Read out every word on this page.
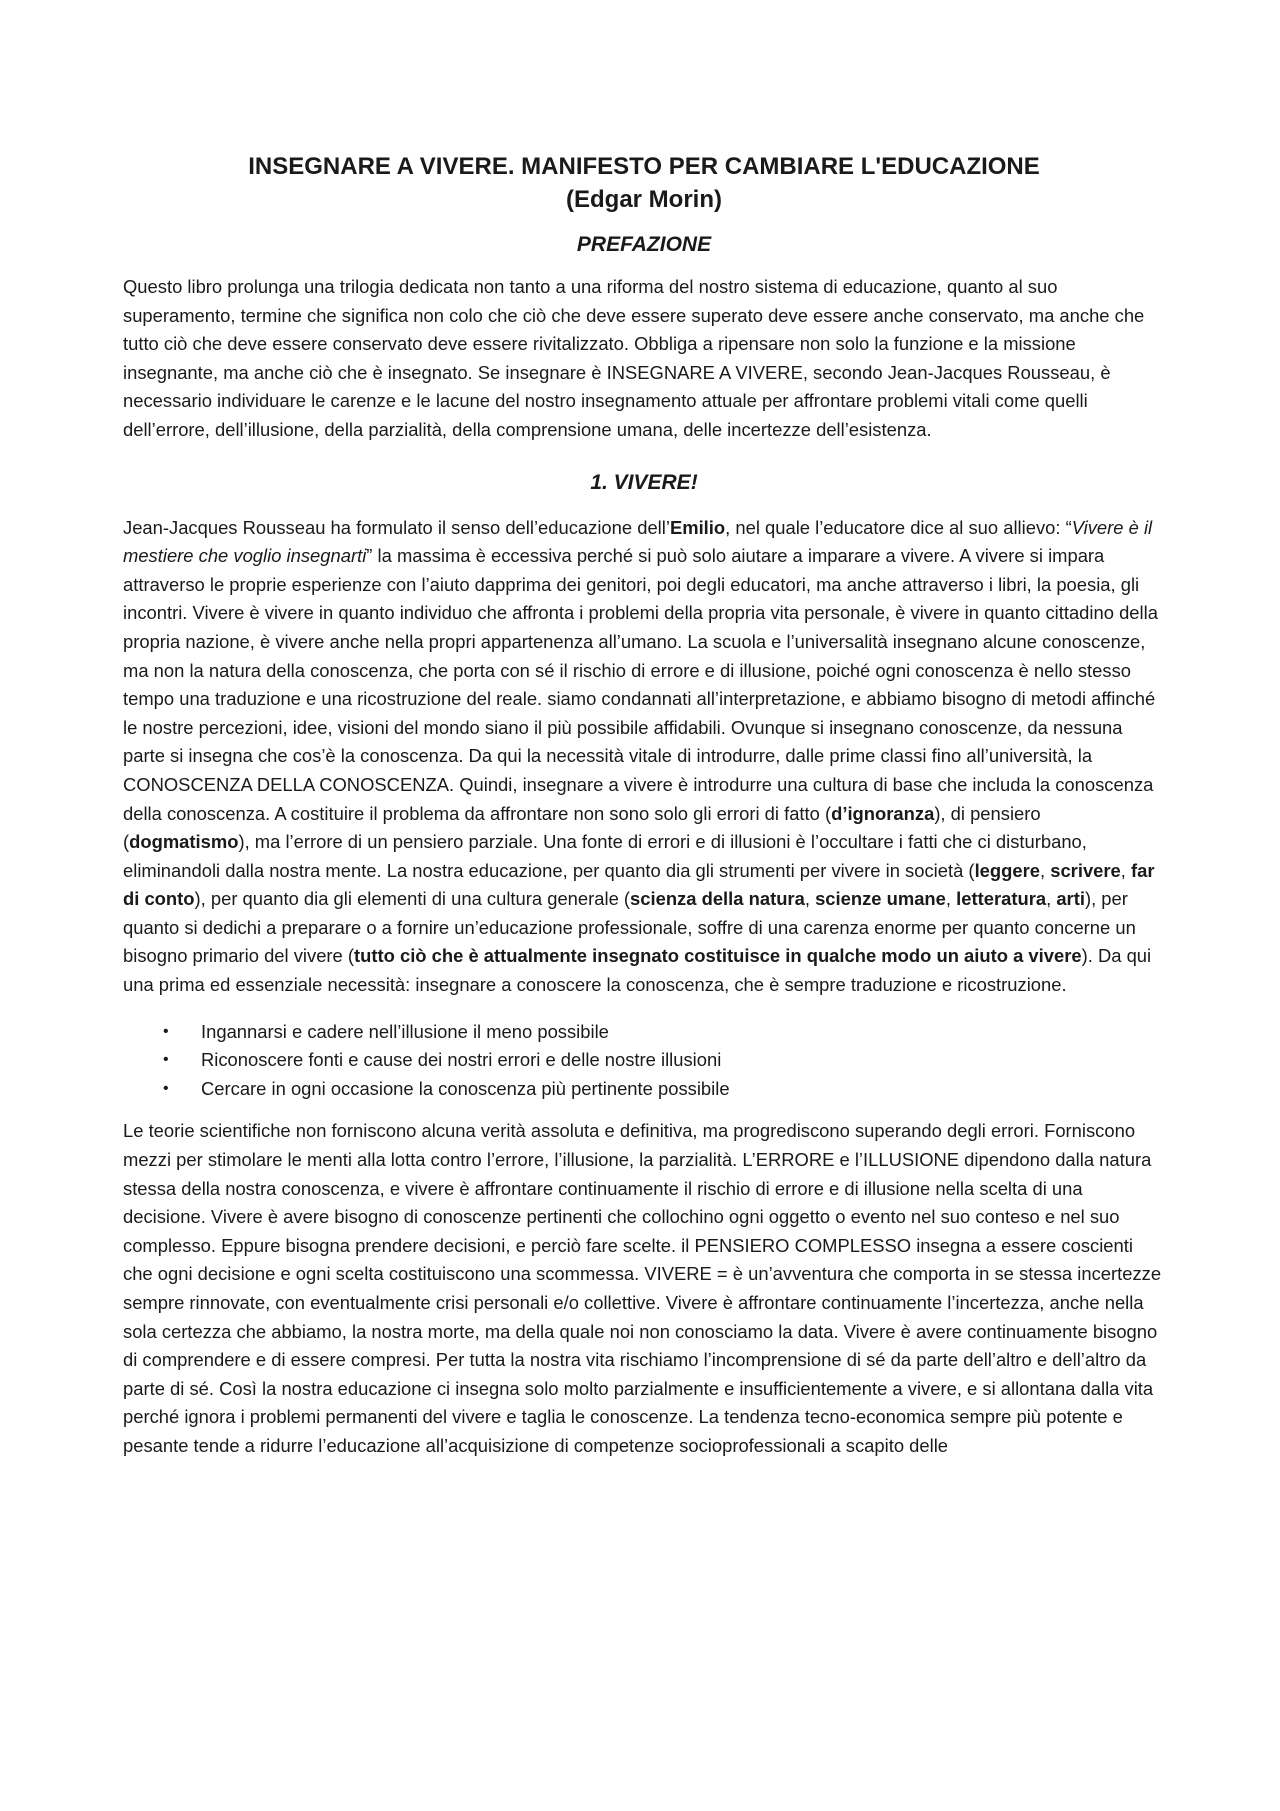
INSEGNARE A VIVERE. MANIFESTO PER CAMBIARE L'EDUCAZIONE
(Edgar Morin)
PREFAZIONE

Questo libro prolunga una trilogia dedicata non tanto a una riforma del nostro sistema di educazione, quanto al suo superamento, termine che significa non colo che ciò che deve essere superato deve essere anche conservato, ma anche che tutto ciò che deve essere conservato deve essere rivitalizzato. Obbliga a ripensare non solo la funzione e la missione insegnante, ma anche ciò che è insegnato. Se insegnare è INSEGNARE A VIVERE, secondo Jean-Jacques Rousseau, è necessario individuare le carenze e le lacune del nostro insegnamento attuale per affrontare problemi vitali come quelli dell’errore, dell’illusione, della parzialità, della comprensione umana, delle incertezze dell’esistenza.

1. VIVERE!

Jean-Jacques Rousseau ha formulato il senso dell’educazione dell’Emilio, nel quale l’educatore dice al suo allievo: “Vivere è il mestiere che voglio insegnarti” la massima è eccessiva perché si può solo aiutare a imparare a vivere. A vivere si impara attraverso le proprie esperienze con l’aiuto dapprima dei genitori, poi degli educatori, ma anche attraverso i libri, la poesia, gli incontri. Vivere è vivere in quanto individuo che affronta i problemi della propria vita personale, è vivere in quanto cittadino della propria nazione, è vivere anche nella propri appartenenza all’umano. La scuola e l’universalità insegnano alcune conoscenze, ma non la natura della conoscenza, che porta con sé il rischio di errore e di illusione, poiché ogni conoscenza è nello stesso tempo una traduzione e una ricostruzione del reale. siamo condannati all’interpretazione, e abbiamo bisogno di metodi affinché le nostre percezioni, idee, visioni del mondo siano il più possibile affidabili. Ovunque si insegnano conoscenze, da nessuna parte si insegna che cos’è la conoscenza. Da qui la necessità vitale di introdurre, dalle prime classi fino all’università, la CONOSCENZA DELLA CONOSCENZA. Quindi, insegnare a vivere è introdurre una cultura di base che includa la conoscenza della conoscenza. A costituire il problema da affrontare non sono solo gli errori di fatto (d’ignoranza), di pensiero (dogmatismo), ma l’errore di un pensiero parziale. Una fonte di errori e di illusioni è l’occultare i fatti che ci disturbano, eliminandoli dalla nostra mente. La nostra educazione, per quanto dia gli strumenti per vivere in società (leggere, scrivere, far di conto), per quanto dia gli elementi di una cultura generale (scienza della natura, scienze umane, letteratura, arti), per quanto si dedichi a preparare o a fornire un’educazione professionale, soffre di una carenza enorme per quanto concerne un bisogno primario del vivere (tutto ciò che è attualmente insegnato costituisce in qualche modo un aiuto a vivere). Da qui una prima ed essenziale necessità: insegnare a conoscere la conoscenza, che è sempre traduzione e ricostruzione.

• Ingannarsi e cadere nell’illusione il meno possibile
• Riconoscere fonti e cause dei nostri errori e delle nostre illusioni
• Cercare in ogni occasione la conoscenza più pertinente possibile

Le teorie scientifiche non forniscono alcuna verità assoluta e definitiva, ma progrediscono superando degli errori. Forniscono mezzi per stimolare le menti alla lotta contro l’errore, l’illusione, la parzialità. L’ERRORE e l’ILLUSIONE dipendono dalla natura stessa della nostra conoscenza, e vivere è affrontare continuamente il rischio di errore e di illusione nella scelta di una decisione. Vivere è avere bisogno di conoscenze pertinenti che collochino ogni oggetto o evento nel suo conteso e nel suo complesso. Eppure bisogna prendere decisioni, e perciò fare scelte. il PENSIERO COMPLESSO insegna a essere coscienti che ogni decisione e ogni scelta costituiscono una scommessa. VIVERE = è un’avventura che comporta in se stessa incertezze sempre rinnovate, con eventualmente crisi personali e/o collettive. Vivere è affrontare continuamente l’incertezza, anche nella sola certezza che abbiamo, la nostra morte, ma della quale noi non conosciamo la data. Vivere è avere continuamente bisogno di comprendere e di essere compresi. Per tutta la nostra vita rischiamo l’incomprensione di sé da parte dell’altro e dell’altro da parte di sé. Così la nostra educazione ci insegna solo molto parzialmente e insufficientemente a vivere, e si allontana dalla vita perché ignora i problemi permanenti del vivere e taglia le conoscenze. La tendenza tecno-economica sempre più potente e pesante tende a ridurre l’educazione all’acquisizione di competenze socioprofessionali a scapito delle
